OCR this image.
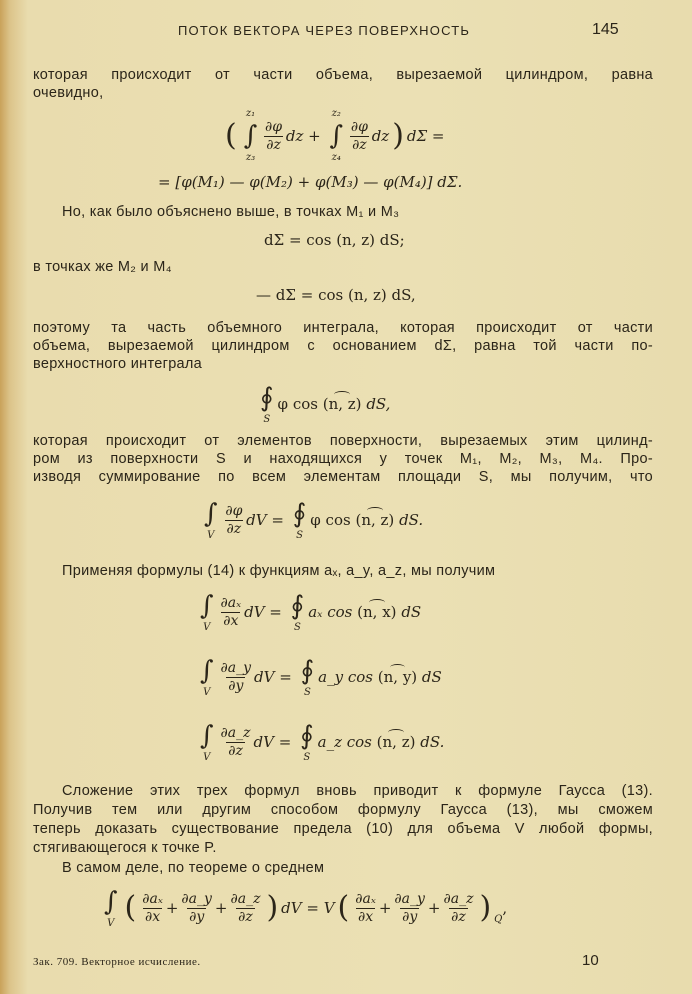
ПОТОК ВЕКТОРА ЧЕРЕЗ ПОВЕРХНОСТЬ	145
которая происходит от части объема, вырезаемой цилиндром, равна
очевидно,
(
z₁
∫
z₃
$\frac{\partial\varphi}{\partial z}$ dz +

z₂
∫
z₄
$\frac{\partial\varphi}{\partial z}$ dz ) dΣ =
= [φ(M₁) — φ(M₂) + φ(M₃) — φ(M₄)] dΣ.
Но, как было объяснено выше, в точках M₁ и M₃
dΣ = cos (n, z) dS;
в точках же M₂ и M₄
— dΣ = cos (n, z) dS,
поэтому та часть объемного интеграла, которая происходит от части
объема, вырезаемой цилиндром с основанием dΣ, равна той части по-
верхностного интеграла
∮
S
φ cos
(n, z)
dS,
которая происходит от элементов поверхности, вырезаемых этим цилинд-
ром из поверхности S и находящихся у точек M₁, M₂, M₃, M₄. Про-
изводя суммирование по всем элементам площади S, мы получим, что
∫
V $\frac{\partial\varphi}{\partial z}$ dV =
∮
S
φ cos
(n, z)
dS.
Применяя формулы (14) к функциям aₓ, a_y, a_z, мы получим
∫
V $\frac{\text{∂aₓ}}{\partial x}$ dV =
∮
S
aₓ cos
(n, x)
dS
∫
V $\frac{\partial a\_y}{\partial y}$ dV =
∮
S
a_y cos
(n, y)
dS
∫
V $\frac{\partial a\_z}{\partial z}$ dV =
∮
S
a_z cos
(n, z)
dS.
Сложение этих трех формул вновь приводит к формуле Гаусса (13).
Получив тем или другим способом формулу Гаусса (13), мы сможем
теперь доказать существование предела (10) для объема V любой формы,
стягивающегося к точке P.
В самом деле, по теореме о среднем
∫
V ( $\frac{\text{∂aₓ}}{\partial x} + \frac{\partial a\_y}{\partial y} + \frac{\partial a\_z}{\partial z}$ ) dV = V ( $\frac{\text{∂aₓ}}{\partial x} + \frac{\partial a\_y}{\partial y} + \frac{\partial a\_z}{\partial z}$ ) Q
,
Зак. 709. Векторное исчисление.	10
